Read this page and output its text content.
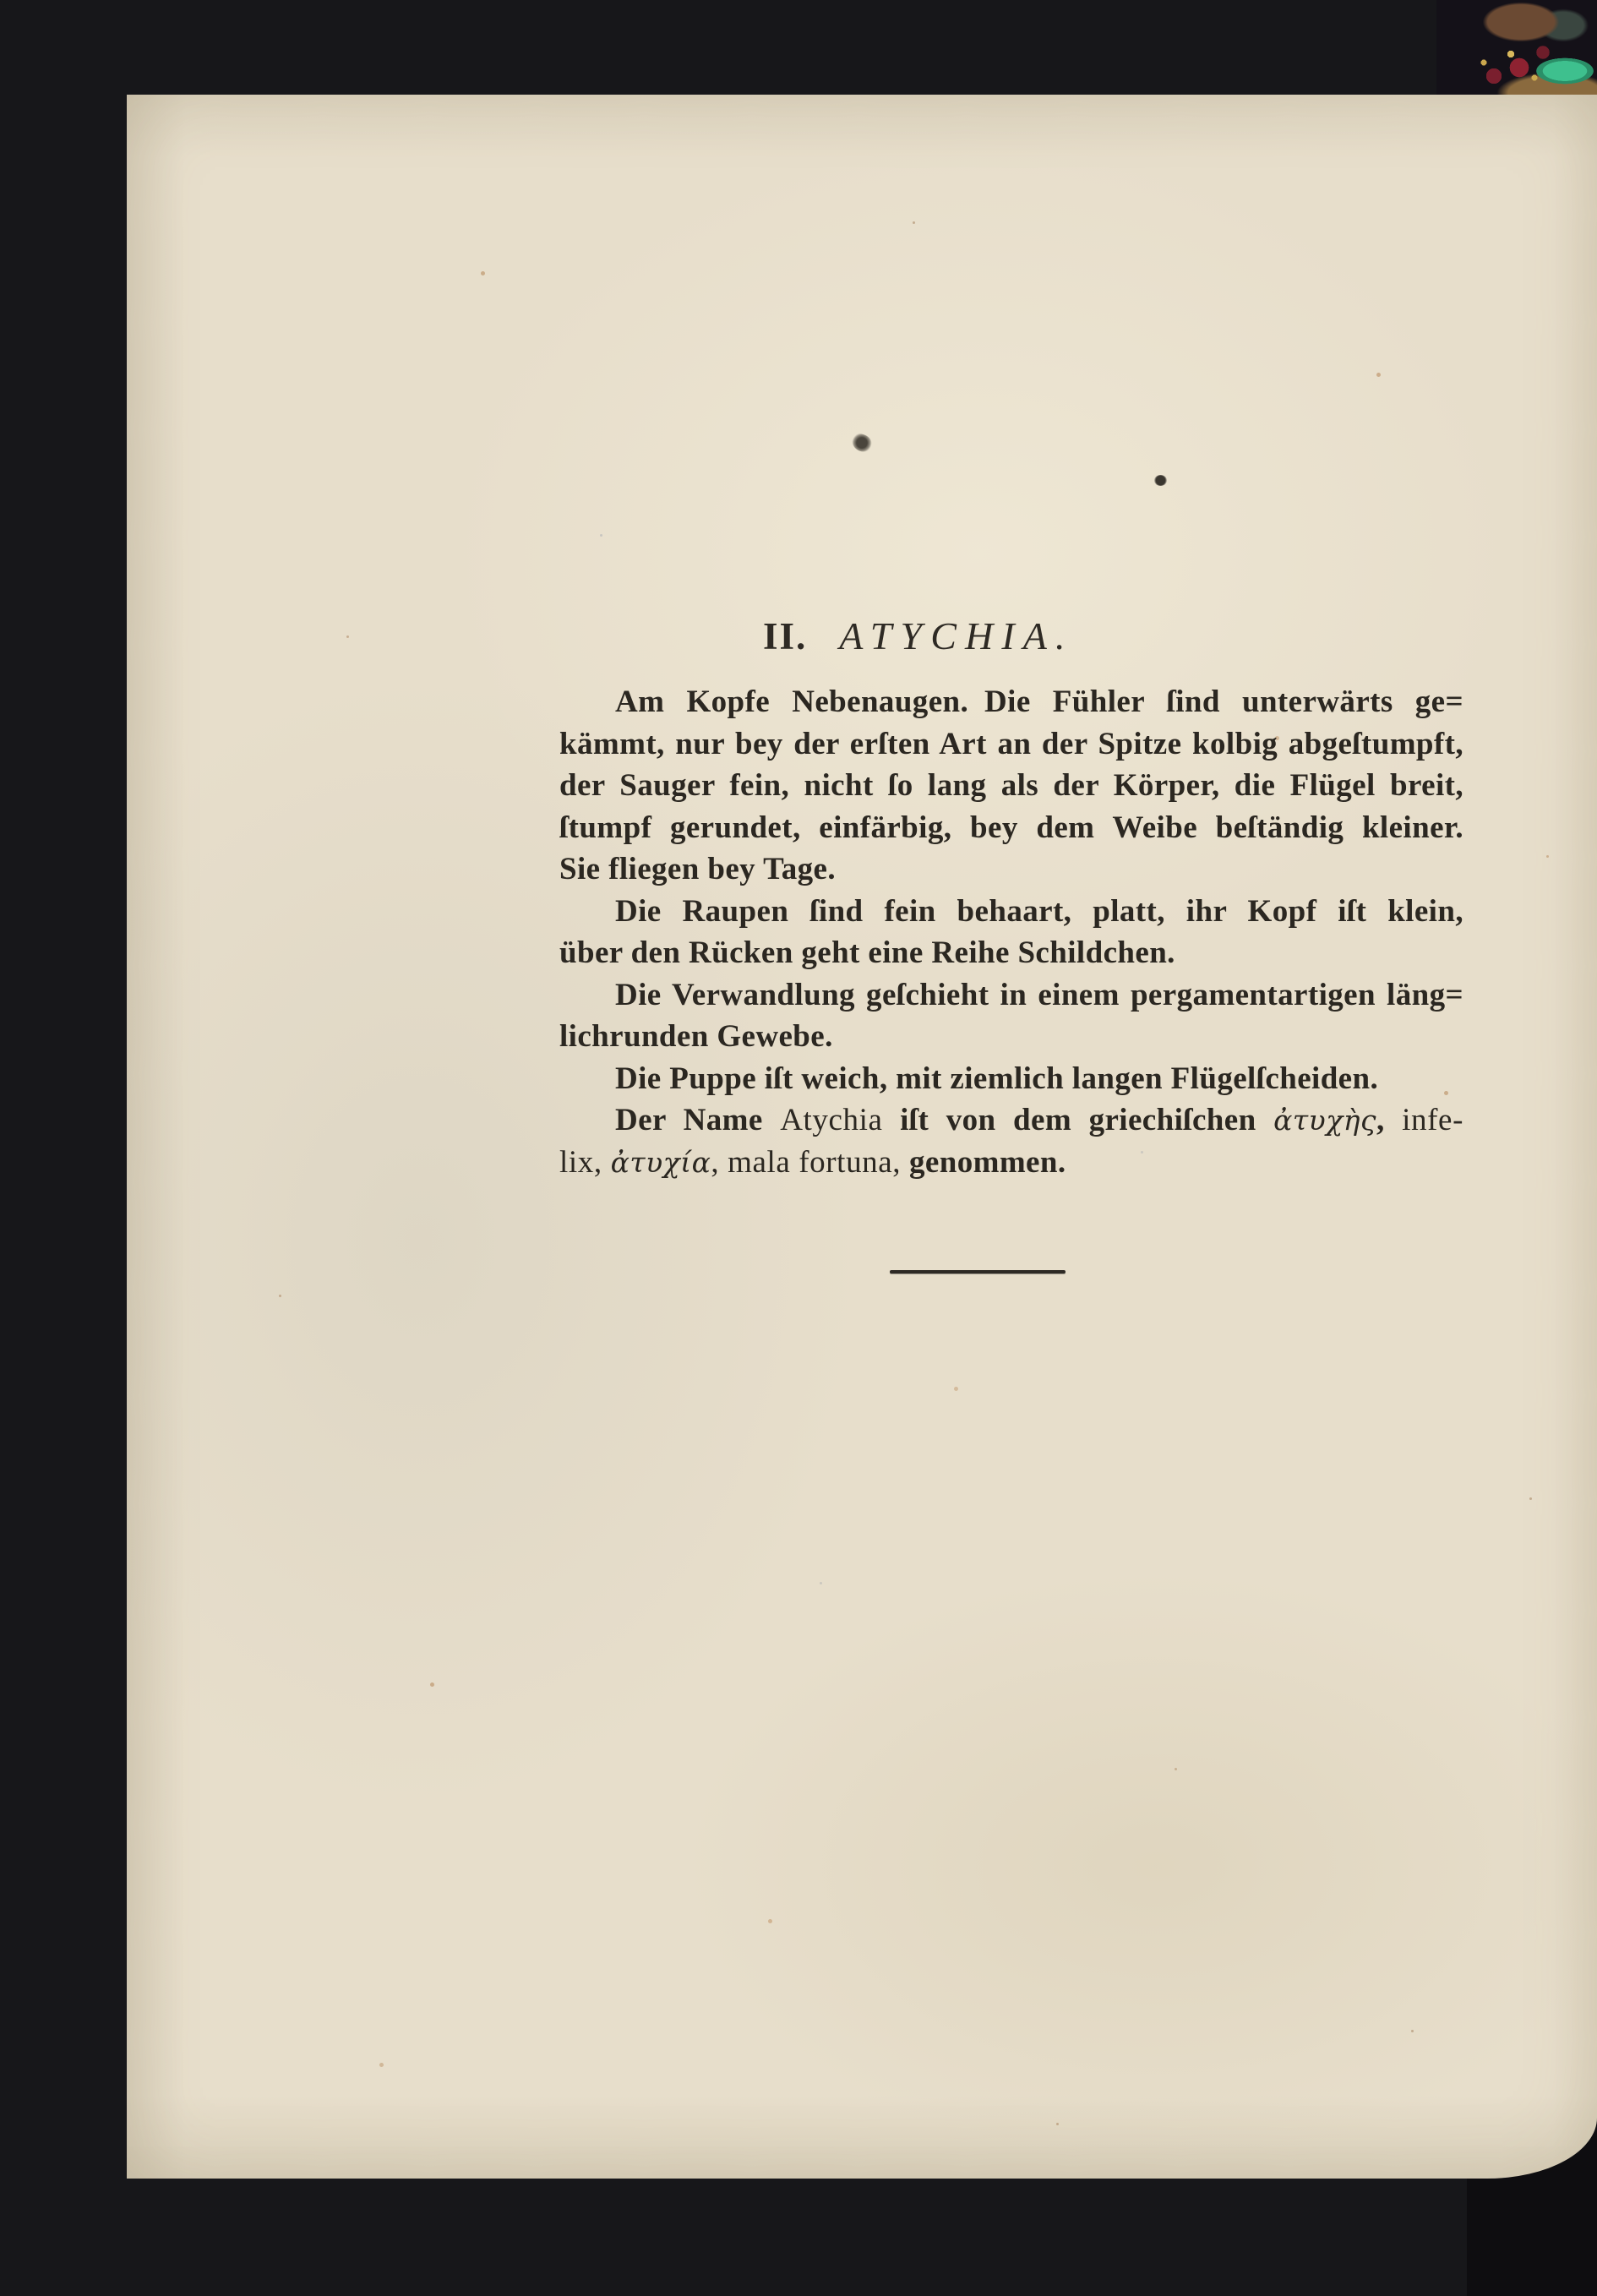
II. ATYCHIA.
Am Kopfe Nebenaugen. Die Fühler ſind unterwärts ge=
kämmt, nur bey der erſten Art an der Spitze kolbig abgeſtumpft,
der Sauger fein, nicht ſo lang als der Körper, die Flügel breit,
ſtumpf gerundet, einfärbig, bey dem Weibe beſtändig kleiner.
Sie fliegen bey Tage.
Die Raupen ſind fein behaart, platt, ihr Kopf iſt klein,
über den Rücken geht eine Reihe Schildchen.
Die Verwandlung geſchieht in einem pergamentartigen läng=
lichrunden Gewebe.
Die Puppe iſt weich, mit ziemlich langen Flügelſcheiden.
Der Name Atychia iſt von dem griechiſchen ἀτυχὴς, infe-
lix, ἀτυχία, mala fortuna, genommen.
